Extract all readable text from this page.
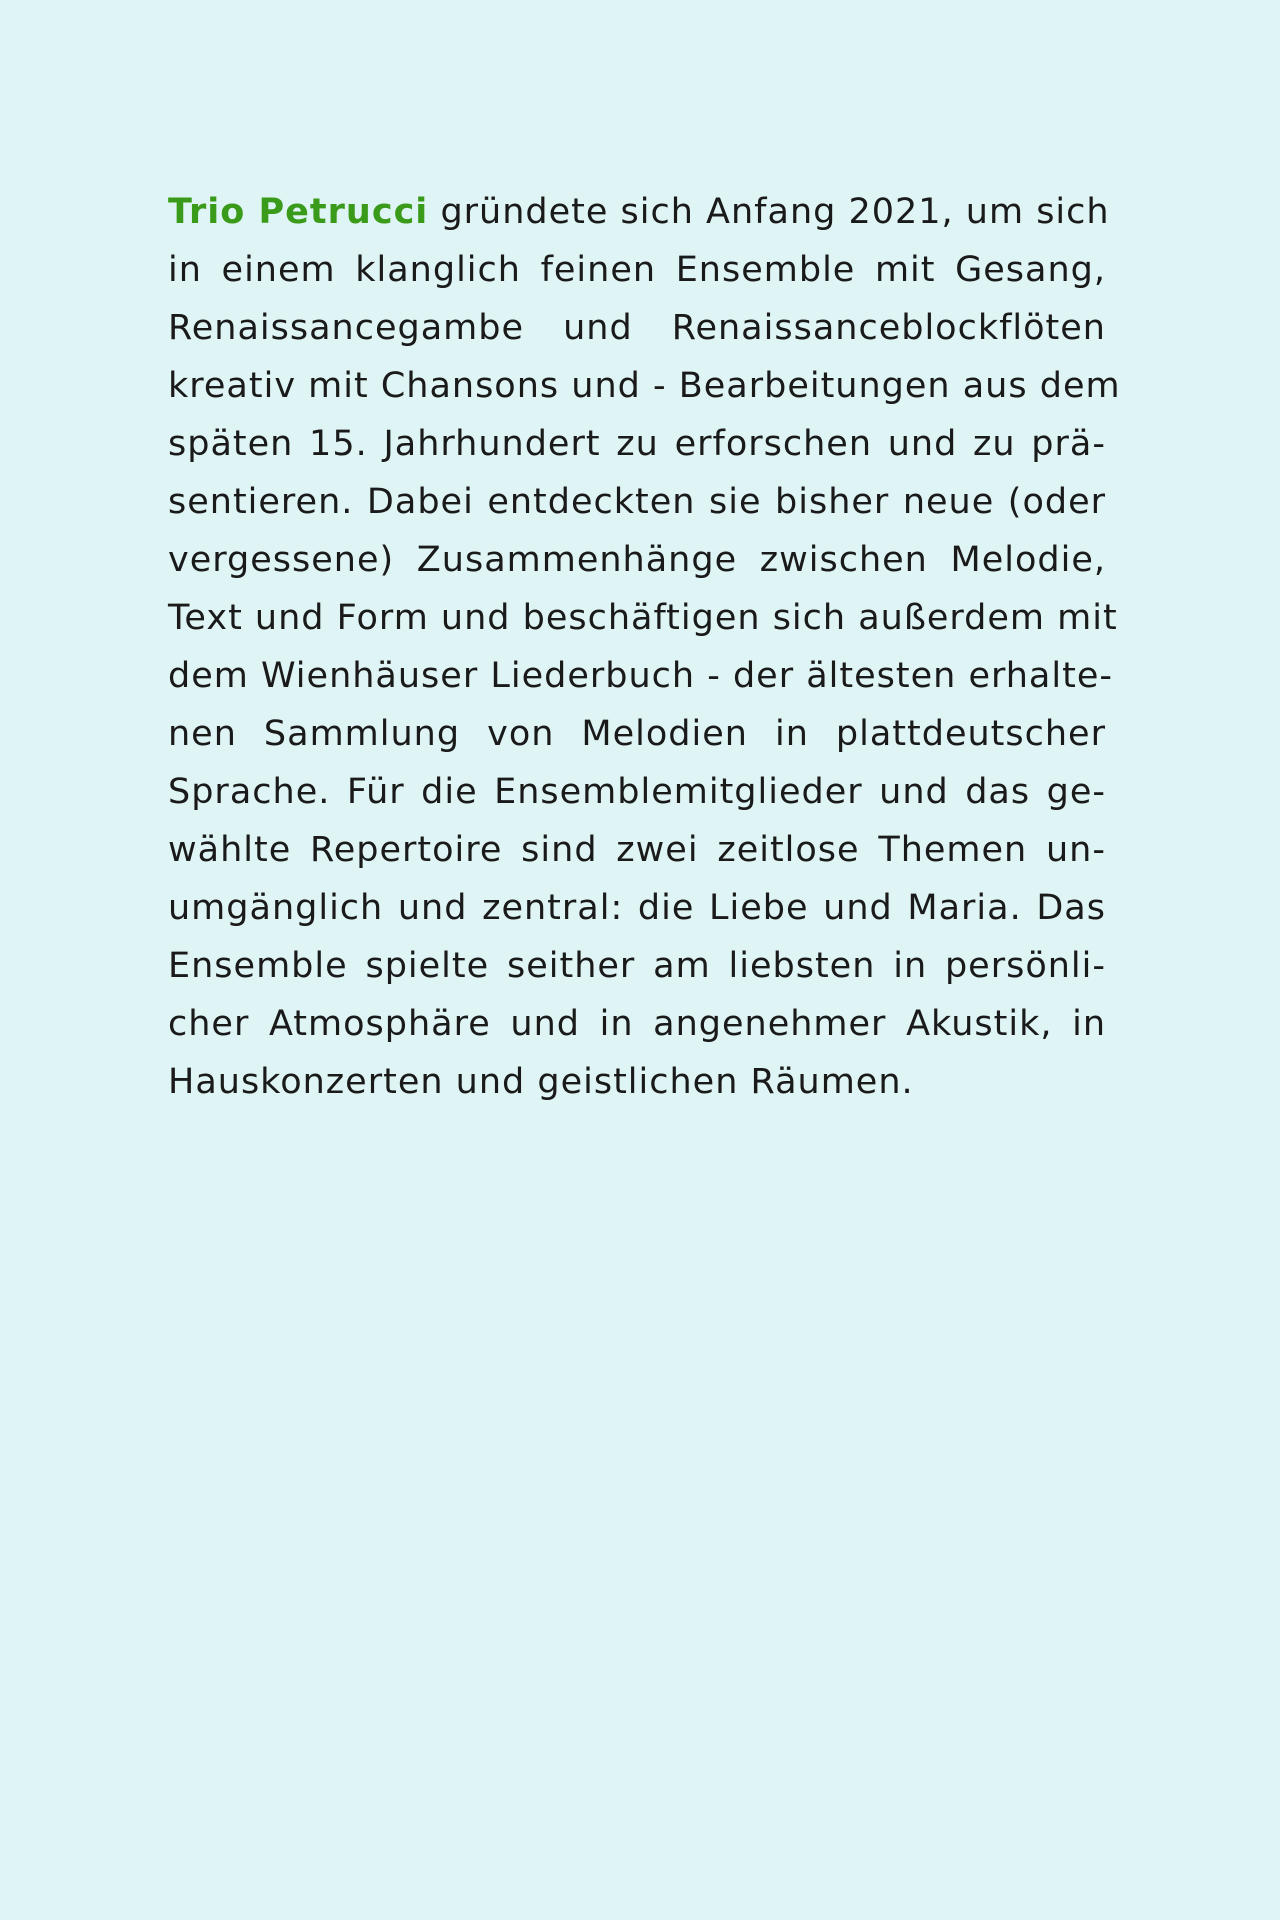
Trio Petrucci gründete sich Anfang 2021, um sich
in einem klanglich feinen Ensemble mit Gesang,
Renaissancegambe und Renaissanceblockflöten
kreativ mit Chansons und - Bearbeitungen aus dem
späten 15. Jahrhundert zu erforschen und zu prä-
sentieren. Dabei entdeckten sie bisher neue (oder
vergessene) Zusammenhänge zwischen Melodie,
Text und Form und beschäftigen sich außerdem mit
dem Wienhäuser Liederbuch - der ältesten erhalte-
nen Sammlung von Melodien in plattdeutscher
Sprache. Für die Ensemblemitglieder und das ge-
wählte Repertoire sind zwei zeitlose Themen un-
umgänglich und zentral: die Liebe und Maria. Das
Ensemble spielte seither am liebsten in persönli-
cher Atmosphäre und in angenehmer Akustik, in
Hauskonzerten und geistlichen Räumen.
